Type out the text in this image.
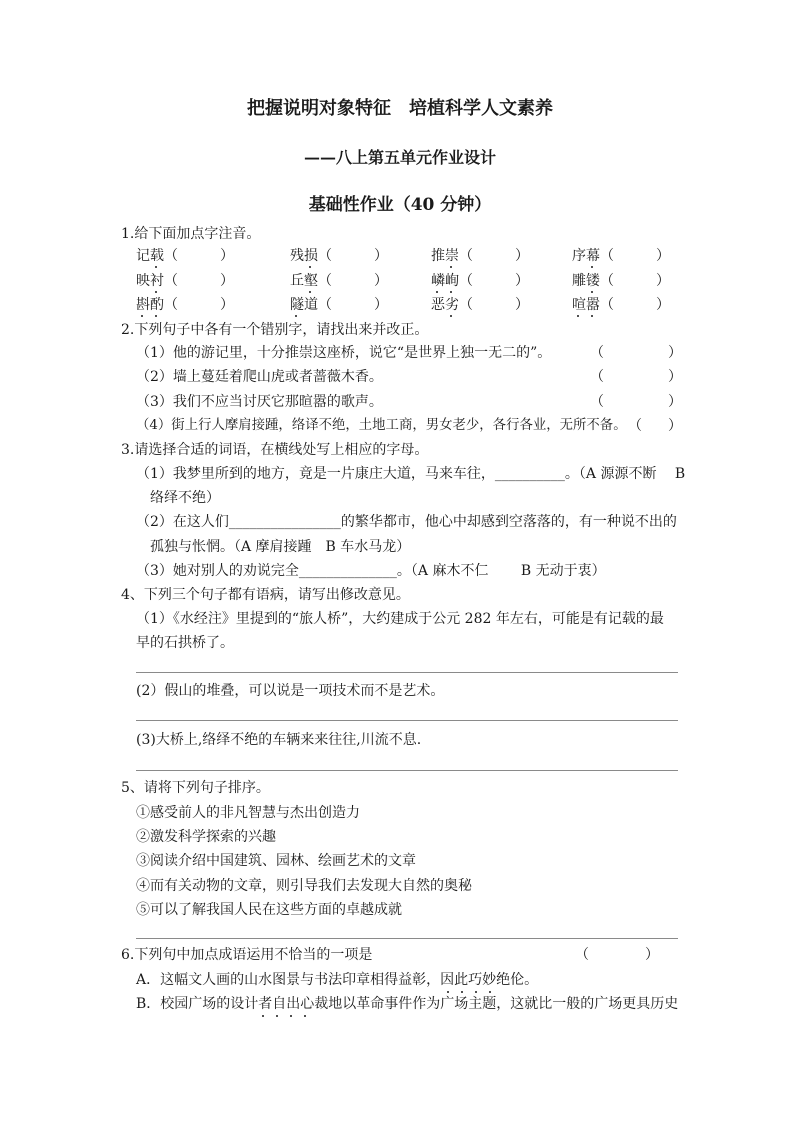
把握说明对象特征　培植科学人文素养
——八上第五单元作业设计
基础性作业（40 分钟）
1.给下面加点字注音。
记载（　　　）	残损（　　　）	推崇（　　　）	序幕（　　　）
映衬（　　　）	丘壑（　　　）	嶙峋（　　　）	雕镂（　　　）
斟酌（　　　）	隧道（　　　）	恶劣（　　　）	喧嚣（　　　）
2.下列句子中各有一个错别字，请找出来并改正。
（1）他的游记里，十分推崇这座桥，说它“是世界上独一无二的”。	（	）
（2）墙上蔓廷着爬山虎或者蔷薇木香。	（	）
（3）我们不应当讨厌它那暄嚣的歌声。	（	）
（4）街上行人摩肩接踵，络译不绝，土地工商，男女老少，各行各业，无所不备。 （ ）
3.请选择合适的词语，在横线处写上相应的字母。
（1）我梦里所到的地方，竟是一片康庄大道，马来车往，__________。（A 源源不断　 B
络绎不绝）
（2）在这人们________________的繁华都市，他心中却感到空落落的，有一种说不出的
孤独与怅惘。（A 摩肩接踵　B 车水马龙）
（3）她对别人的劝说完全______________。（A 麻木不仁　　 B 无动于衷）
4、下列三个句子都有语病，请写出修改意见。
（1）《水经注》里提到的“旅人桥”，大约建成于公元 282 年左右，可能是有记载的最
早的石拱桥了。
(2）假山的堆叠，可以说是一项技术而不是艺术。
(3)大桥上,络绎不绝的车辆来来往往,川流不息.
5、请将下列句子排序。
①感受前人的非凡智慧与杰出创造力
②激发科学探索的兴趣
③阅读介绍中国建筑、园林、绘画艺术的文章
④而有关动物的文章，则引导我们去发现大自然的奥秘
⑤可以了解我国人民在这些方面的卓越成就
6.下列句中加点成语运用不恰当的一项是	（　　　　）
A．这幅文人画的山水图景与书法印章相得益彰，因此巧妙绝伦。
B．校园广场的设计者自出心裁地以革命事件作为广场主题，这就比一般的广场更具历史
